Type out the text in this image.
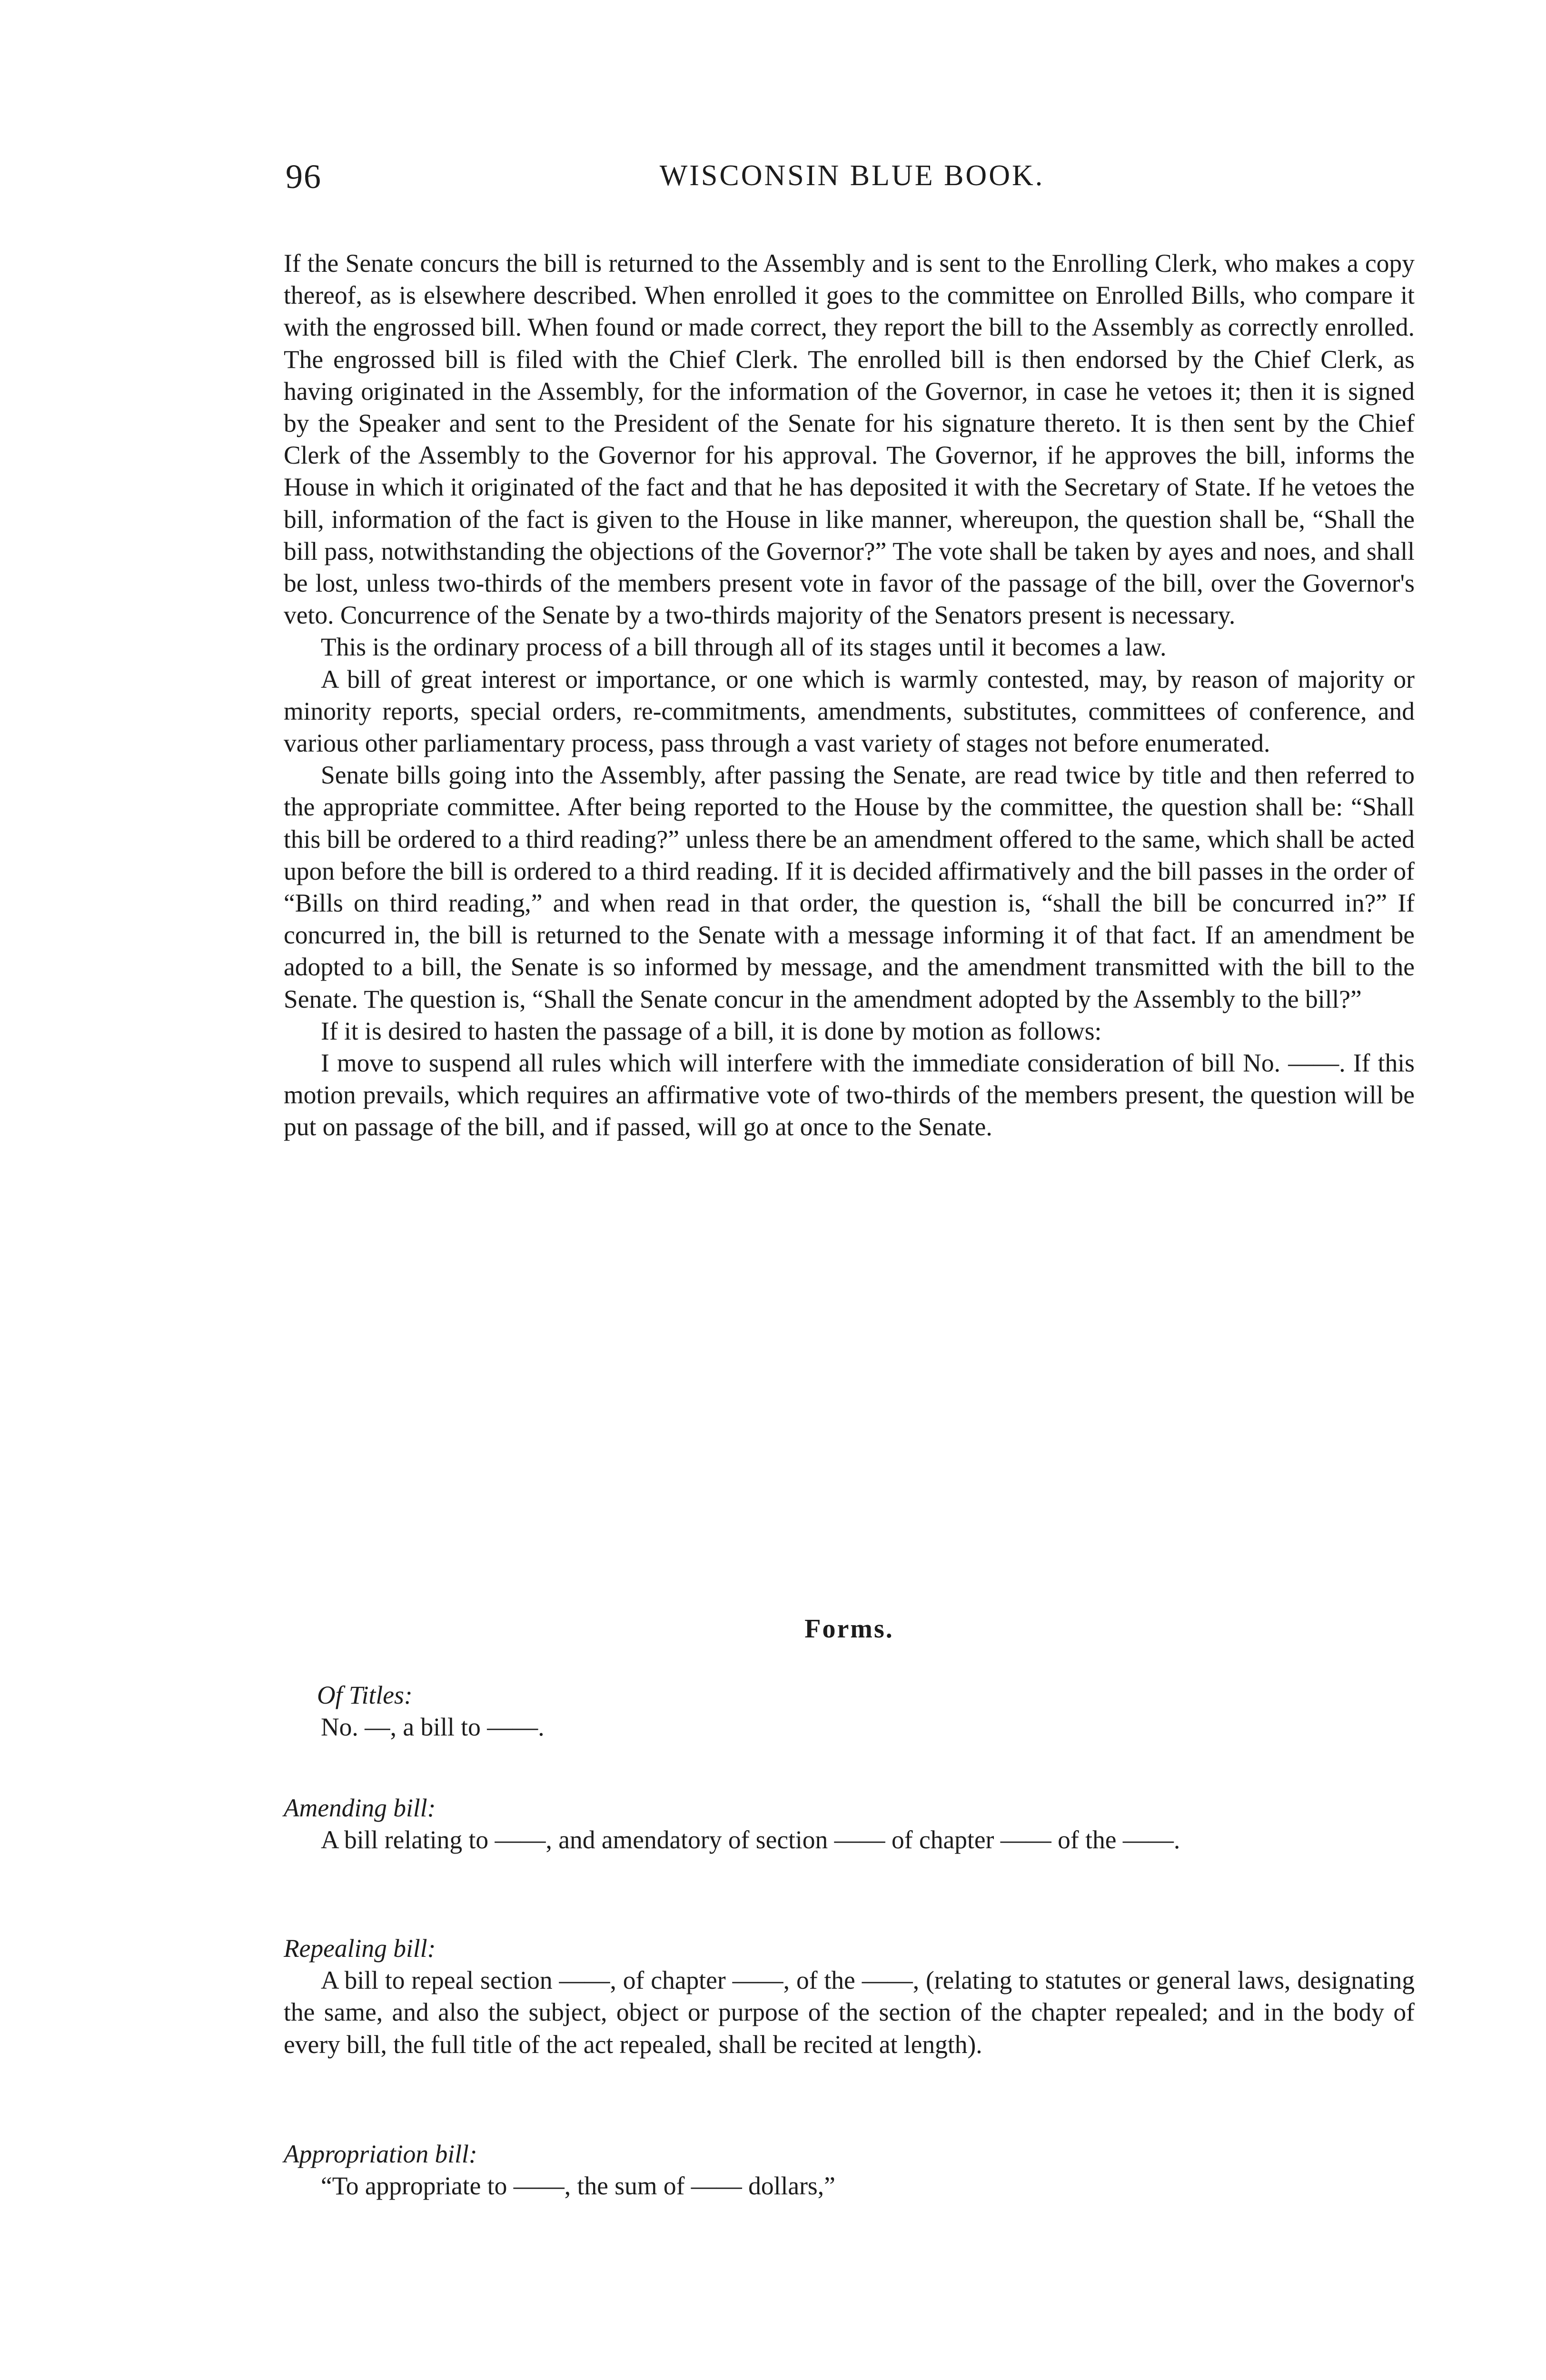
96	WISCONSIN BLUE BOOK.

If the Senate concurs the bill is returned to the Assembly and is sent to the Enrolling Clerk, who makes a copy thereof, as is elsewhere described. When enrolled it goes to the committee on Enrolled Bills, who compare it with the engrossed bill. When found or made correct, they report the bill to the Assembly as correctly enrolled. The engrossed bill is filed with the Chief Clerk. The enrolled bill is then endorsed by the Chief Clerk, as having originated in the Assembly, for the information of the Governor, in case he vetoes it; then it is signed by the Speaker and sent to the President of the Senate for his signature thereto. It is then sent by the Chief Clerk of the Assembly to the Governor for his approval. The Governor, if he approves the bill, informs the House in which it originated of the fact and that he has deposited it with the Secretary of State. If he vetoes the bill, information of the fact is given to the House in like manner, whereupon, the question shall be, “Shall the bill pass, notwithstanding the objections of the Governor?” The vote shall be taken by ayes and noes, and shall be lost, unless two-thirds of the members present vote in favor of the passage of the bill, over the Governor's veto. Concurrence of the Senate by a two-thirds majority of the Senators present is necessary.

This is the ordinary process of a bill through all of its stages until it becomes a law.

A bill of great interest or importance, or one which is warmly contested, may, by reason of majority or minority reports, special orders, re-commitments, amendments, substitutes, committees of conference, and various other parliamentary process, pass through a vast variety of stages not before enumerated.

Senate bills going into the Assembly, after passing the Senate, are read twice by title and then referred to the appropriate committee. After being reported to the House by the committee, the question shall be: “Shall this bill be ordered to a third reading?” unless there be an amendment offered to the same, which shall be acted upon before the bill is ordered to a third reading. If it is decided affirmatively and the bill passes in the order of “Bills on third reading,” and when read in that order, the question is, “shall the bill be concurred in?” If concurred in, the bill is returned to the Senate with a message informing it of that fact. If an amendment be adopted to a bill, the Senate is so informed by message, and the amendment transmitted with the bill to the Senate. The question is, “Shall the Senate concur in the amendment adopted by the Assembly to the bill?”

If it is desired to hasten the passage of a bill, it is done by motion as follows:

I move to suspend all rules which will interfere with the immediate consideration of bill No. ——. If this motion prevails, which requires an affirmative vote of two-thirds of the members present, the question will be put on passage of the bill, and if passed, will go at once to the Senate.

Forms.

Of Titles:

No. —, a bill to ——.

Amending bill:

A bill relating to ——, and amendatory of section —— of chapter —— of the ——.

Repealing bill:

A bill to repeal section ——, of chapter ——, of the ——, (relating to statutes or general laws, designating the same, and also the subject, object or purpose of the section of the chapter repealed; and in the body of every bill, the full title of the act repealed, shall be recited at length).

Appropriation bill:

“To appropriate to ——, the sum of —— dollars,”
